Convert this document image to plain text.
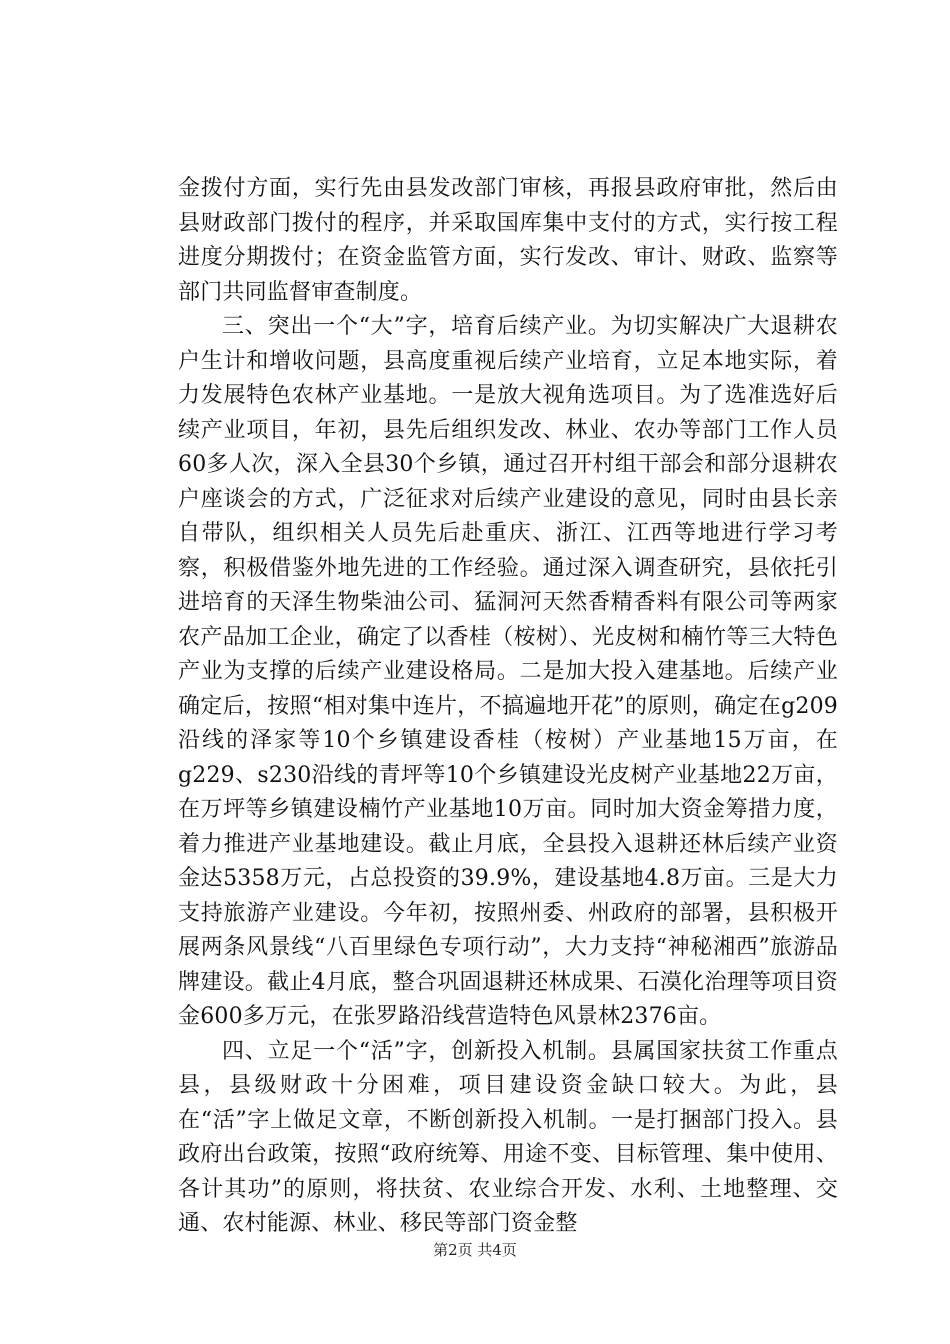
金拨付方面，实行先由县发改部门审核，再报县政府审批，然后由县财政部门拨付的程序，并采取国库集中支付的方式，实行按工程进度分期拨付；在资金监管方面，实行发改、审计、财政、监察等部门共同监督审查制度。

三、突出一个“大”字，培育后续产业。为切实解决广大退耕农户生计和增收问题，县高度重视后续产业培育，立足本地实际，着力发展特色农林产业基地。一是放大视角选项目。为了选准选好后续产业项目，年初，县先后组织发改、林业、农办等部门工作人员60多人次，深入全县30个乡镇，通过召开村组干部会和部分退耕农户座谈会的方式，广泛征求对后续产业建设的意见，同时由县长亲自带队，组织相关人员先后赴重庆、浙江、江西等地进行学习考察，积极借鉴外地先进的工作经验。通过深入调查研究，县依托引进培育的天泽生物柴油公司、猛洞河天然香精香料有限公司等两家农产品加工企业，确定了以香桂（桉树）、光皮树和楠竹等三大特色产业为支撑的后续产业建设格局。二是加大投入建基地。后续产业确定后，按照“相对集中连片，不搞遍地开花”的原则，确定在g209沿线的泽家等10个乡镇建设香桂（桉树）产业基地15万亩，在g229、s230沿线的青坪等10个乡镇建设光皮树产业基地22万亩，在万坪等乡镇建设楠竹产业基地10万亩。同时加大资金筹措力度，着力推进产业基地建设。截止月底，全县投入退耕还林后续产业资金达5358万元，占总投资的39.9%，建设基地4.8万亩。三是大力支持旅游产业建设。今年初，按照州委、州政府的部署，县积极开展两条风景线“八百里绿色专项行动”，大力支持“神秘湘西”旅游品牌建设。截止4月底，整合巩固退耕还林成果、石漠化治理等项目资金600多万元，在张罗路沿线营造特色风景林2376亩。

四、立足一个“活”字，创新投入机制。县属国家扶贫工作重点县，县级财政十分困难，项目建设资金缺口较大。为此，县在“活”字上做足文章，不断创新投入机制。一是打捆部门投入。县政府出台政策，按照“政府统筹、用途不变、目标管理、集中使用、各计其功”的原则，将扶贫、农业综合开发、水利、土地整理、交通、农村能源、林业、移民等部门资金整

第2页 共4页
